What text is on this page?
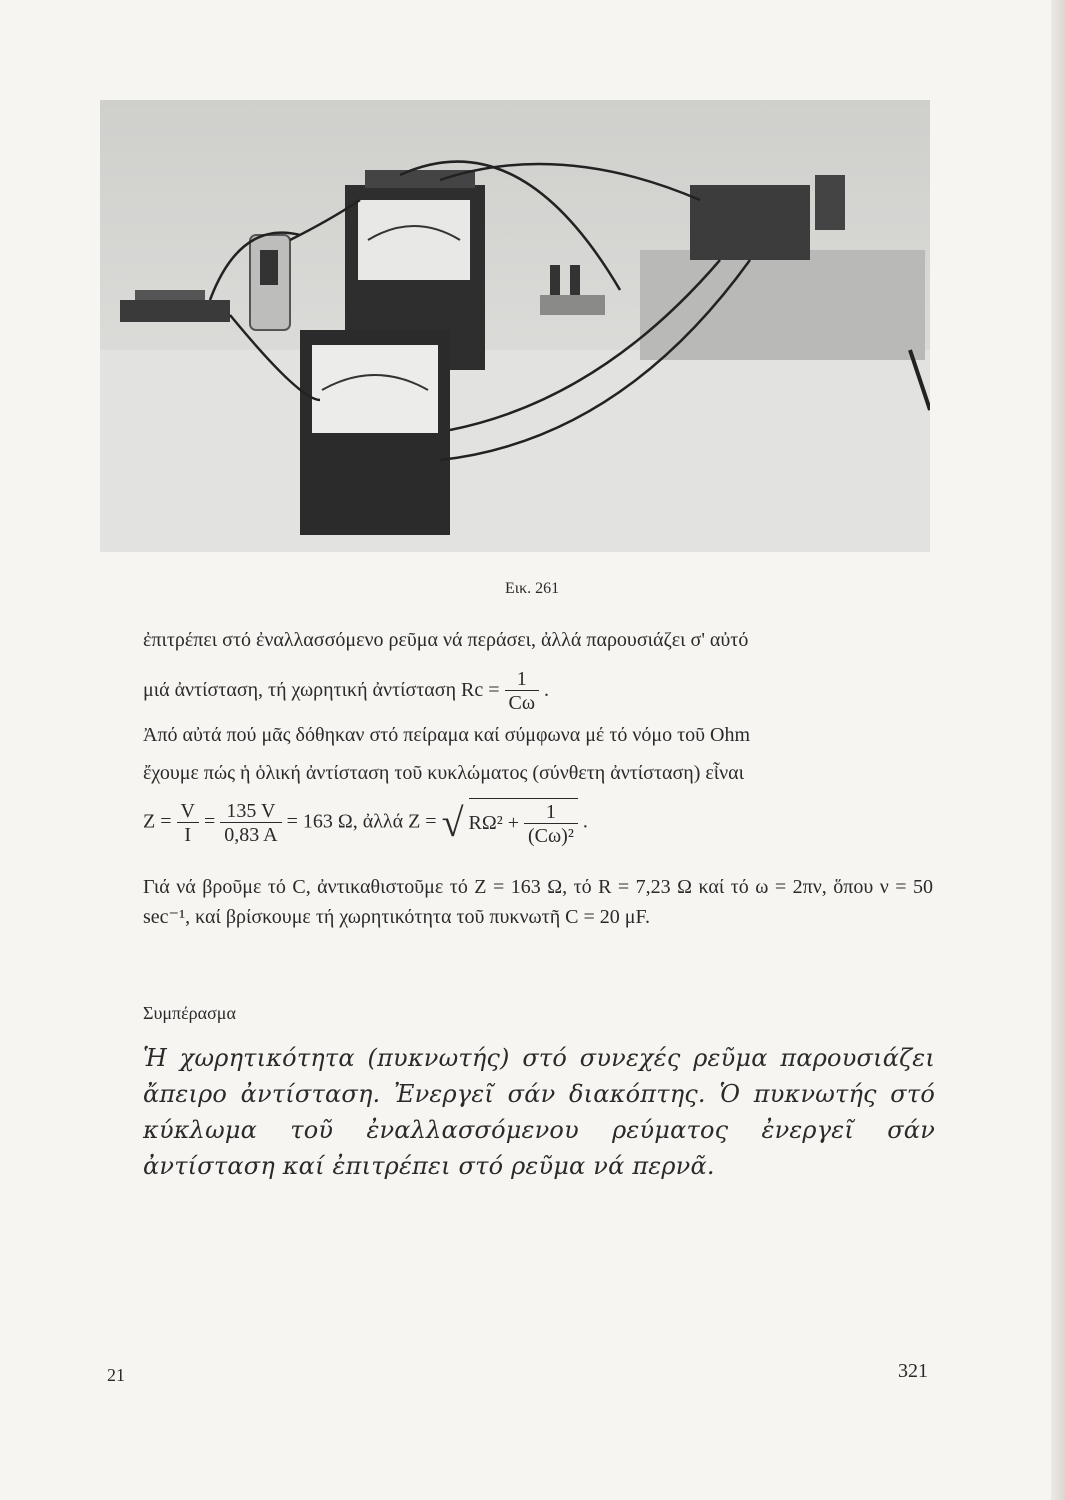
Εικ. 261
ἐπιτρέπει στό ἐναλλασσόμενο ρεῦμα νά περάσει, ἀλλά παρουσιάζει σ' αὐτό
μιά ἀντίσταση, τή χωρητική ἀντίσταση $Rc = \frac{1}{C\omega}$ .
Ἀπό αὐτά πού μᾶς δόθηκαν στό πείραμα καί σύμφωνα μέ τό νόμο τοῦ Ohm
ἔχουμε πώς ἡ ὁλική ἀντίσταση τοῦ κυκλώματος (σύνθετη ἀντίσταση) εἶναι
$Z = \frac{V}{I} = \frac{135 V}{0,83 A} = 163$ Ω, ἀλλά Z = √ $R\Omega^2 + \frac{1}{\text{(Cω)²}}$ .
Γιά νά βροῦμε τό C, ἀντικαθιστοῦμε τό Z = 163 Ω, τό R = 7,23 Ω καί τό ω = 2πν, ὅπου ν = 50 sec⁻¹, καί βρίσκουμε τή χωρητικότητα τοῦ πυκνωτῆ C = 20 μF.
Συμπέρασμα
Ἡ χωρητικότητα (πυκνωτής) στό συνεχές ρεῦμα παρουσιάζει ἄπειρο ἀντίσταση. Ἐνεργεῖ σάν διακόπτης. Ὁ πυκνωτής στό κύκλωμα τοῦ ἐναλλασσόμενου ρεύματος ἐνεργεῖ σάν ἀντίσταση καί ἐπιτρέπει στό ρεῦμα νά περνᾶ.
21	321
